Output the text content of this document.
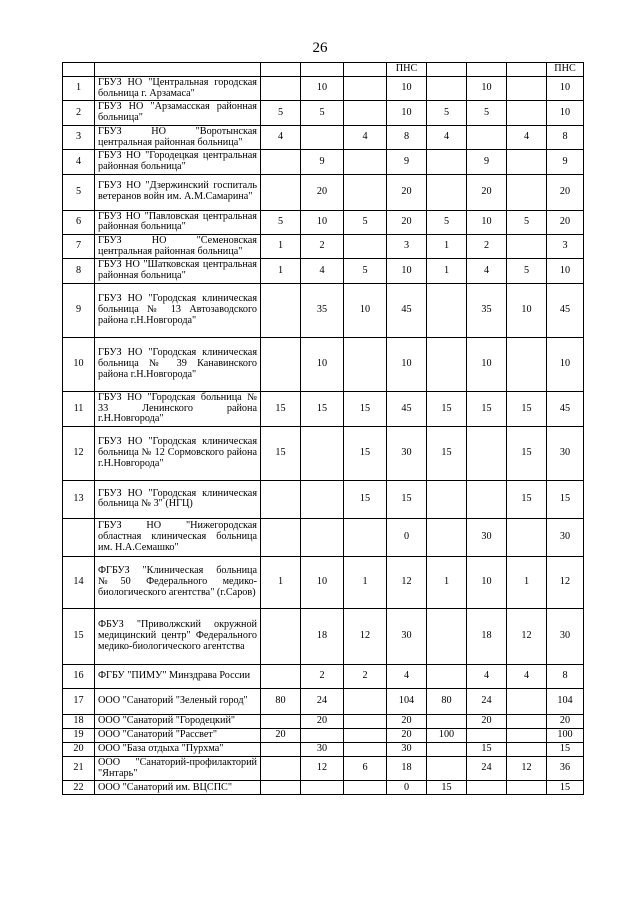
26
					ПНС				ПНС
1	ГБУЗ НО "Центральная городская больница г. Арзамаса"		10		10		10		10
2	ГБУЗ НО "Арзамасская районная больница"	5	5		10	5	5		10
3	ГБУЗ НО "Воротынская центральная районная больница"	4		4	8	4		4	8
4	ГБУЗ НО "Городецкая центральная районная больница"		9		9		9		9
5	ГБУЗ НО "Дзержинский госпиталь ветеранов войн им. А.М.Самарина"		20		20		20		20
6	ГБУЗ НО "Павловская центральная районная больница"	5	10	5	20	5	10	5	20
7	ГБУЗ НО "Семеновская центральная районная больница"	1	2		3	1	2		3
8	ГБУЗ НО "Шатковская центральная районная больница"	1	4	5	10	1	4	5	10
9	ГБУЗ НО "Городская клиническая больница № 13 Автозаводского района г.Н.Новгорода"		35	10	45		35	10	45
10	ГБУЗ НО "Городская клиническая больница № 39 Канавинского района г.Н.Новгорода"		10		10		10		10
11	ГБУЗ НО "Городская больница № 33 Ленинского района г.Н.Новгорода"	15	15	15	45	15	15	15	45
12	ГБУЗ НО "Городская клиническая больница № 12 Сормовского района г.Н.Новгорода"	15		15	30	15		15	30
13	ГБУЗ НО "Городская клиническая больница № 3" (НГЦ)			15	15			15	15
	ГБУЗ НО "Нижегородская областная клиническая больница им. Н.А.Семашко"				0		30		30
14	ФГБУЗ "Клиническая больница №50 Федерального медико-биологического агентства" (г.Саров)	1	10	1	12	1	10	1	12
15	ФБУЗ "Приволжский окружной медицинский центр" Федерального медико-биологического агентства		18	12	30		18	12	30
16	ФГБУ "ПИМУ" Минздрава России		2	2	4		4	4	8
17	ООО "Санаторий "Зеленый город"	80	24		104	80	24		104
18	ООО "Санаторий "Городецкий"		20		20		20		20
19	ООО "Санаторий "Рассвет"	20			20	100			100
20	ООО "База отдыха "Пурхма"		30		30		15		15
21	ООО "Санаторий-профилакторий "Янтарь"		12	6	18		24	12	36
22	ООО "Санаторий им. ВЦСПС"				0	15			15
